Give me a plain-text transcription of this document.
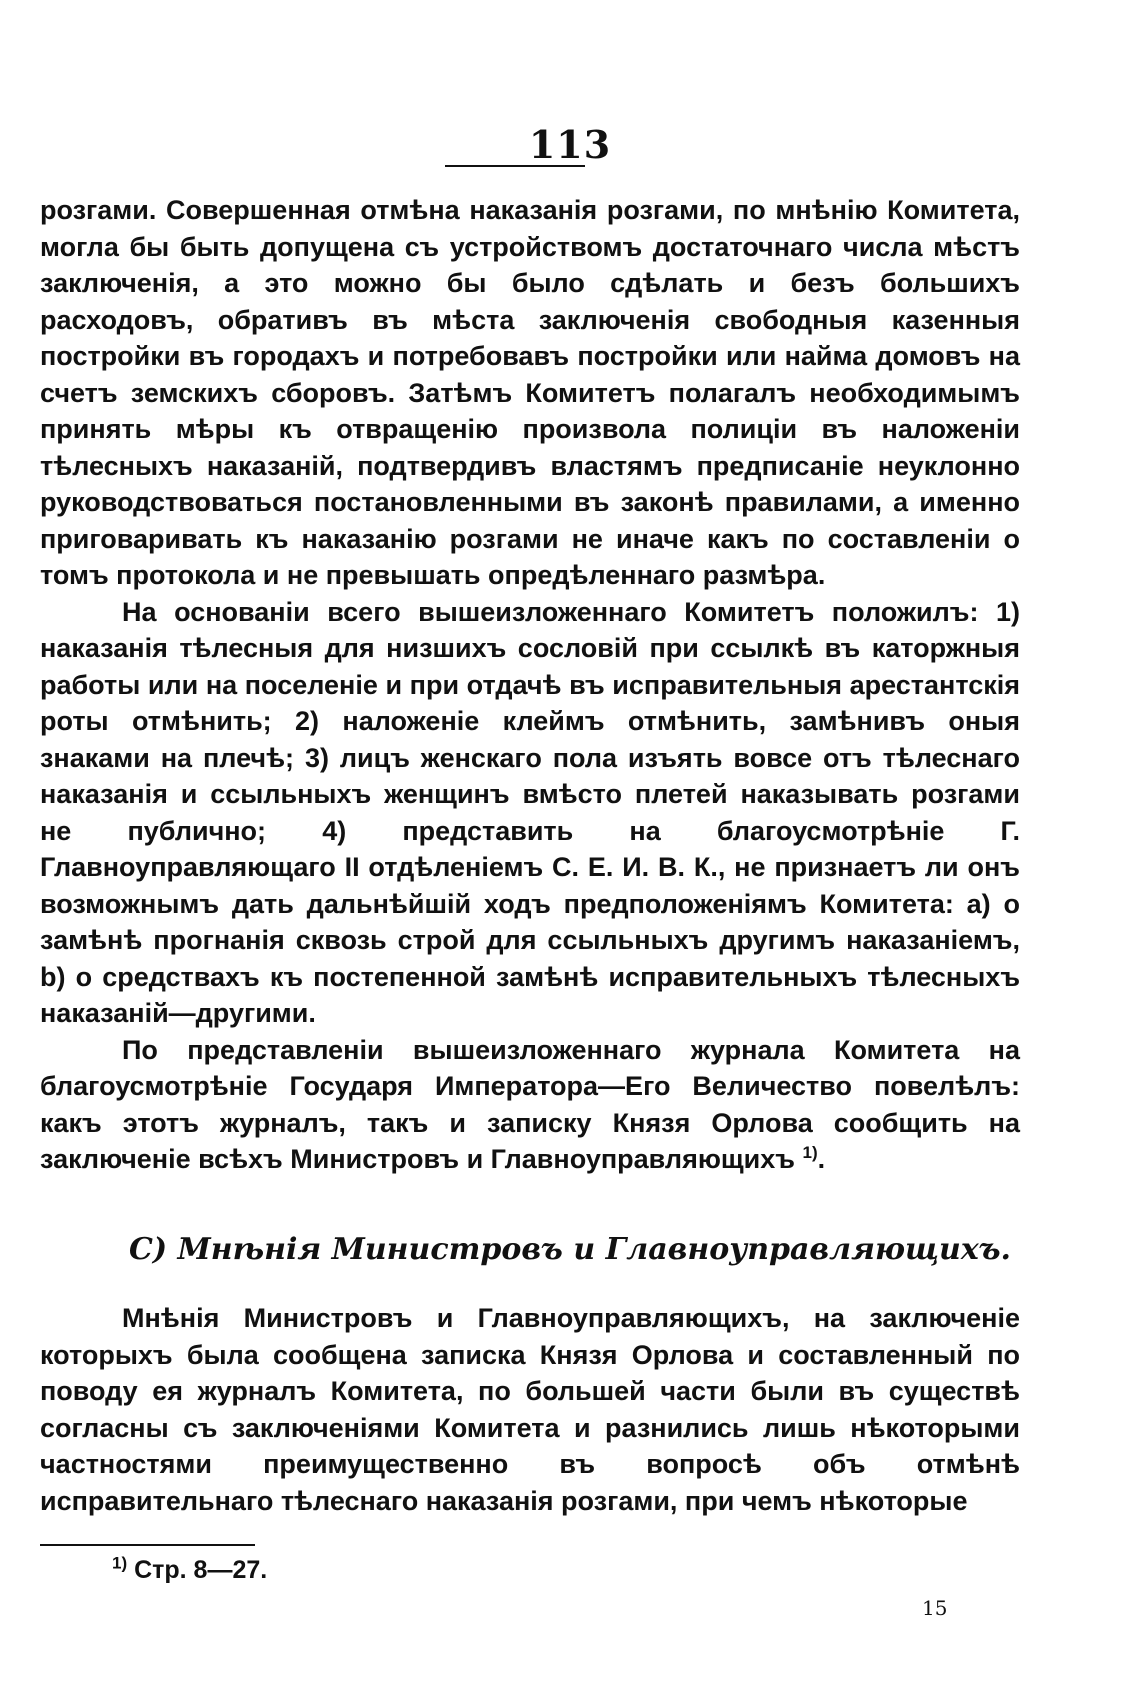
113

розгами. Совершенная отмѣна наказанія розгами, по мнѣнію Комитета, могла бы быть допущена съ устройствомъ достаточнаго числа мѣстъ заключенія, а это можно бы было сдѣлать и безъ большихъ расходовъ, обративъ въ мѣста заключенія свободныя казенныя постройки въ городахъ и потребовавъ постройки или найма домовъ на счетъ земскихъ сборовъ. Затѣмъ Комитетъ полагалъ необходимымъ принять мѣры къ отвращенію произвола полиціи въ наложеніи тѣлесныхъ наказаній, подтвердивъ властямъ предписаніе неуклонно руководствоваться постановленными въ законѣ правилами, а именно приговаривать къ наказанію розгами не иначе какъ по составленіи о томъ протокола и не превышать опредѣленнаго размѣра.

На основаніи всего вышеизложеннаго Комитетъ положилъ: 1) наказанія тѣлесныя для низшихъ сословій при ссылкѣ въ каторжныя работы или на поселеніе и при отдачѣ въ исправительныя арестантскія роты отмѣнить; 2) наложеніе клеймъ отмѣнить, замѣнивъ оныя знаками на плечѣ; 3) лицъ женскаго пола изъять вовсе отъ тѣлеснаго наказанія и ссыльныхъ женщинъ вмѣсто плетей наказывать розгами не публично; 4) представить на благоусмотрѣніе Г. Главноуправляющаго II отдѣленіемъ С. Е. И. В. К., не признаетъ ли онъ возможнымъ дать дальнѣйшій ходъ предположеніямъ Комитета: a) о замѣнѣ прогнанія сквозь строй для ссыльныхъ другимъ наказаніемъ, b) о средствахъ къ постепенной замѣнѣ исправительныхъ тѣлесныхъ наказаній—другими.

По представленіи вышеизложеннаго журнала Комитета на благоусмотрѣніе Государя Императора—Его Величество повелѣлъ: какъ этотъ журналъ, такъ и записку Князя Орлова сообщить на заключеніе всѣхъ Министровъ и Главноуправляющихъ $^{1)}$.

C) Мнѣнія Министровъ и Главноуправляющихъ.

Мнѣнія Министровъ и Главноуправляющихъ, на заключеніе которыхъ была сообщена записка Князя Орлова и составленный по поводу ея журналъ Комитета, по большей части были въ существѣ согласны съ заключеніями Комитета и разнились лишь нѣкоторыми частностями преимущественно въ вопросѣ объ отмѣнѣ исправительнаго тѣлеснаго наказанія розгами, при чемъ нѣкоторые

$^{1)}$ Стр. 8—27.
15
